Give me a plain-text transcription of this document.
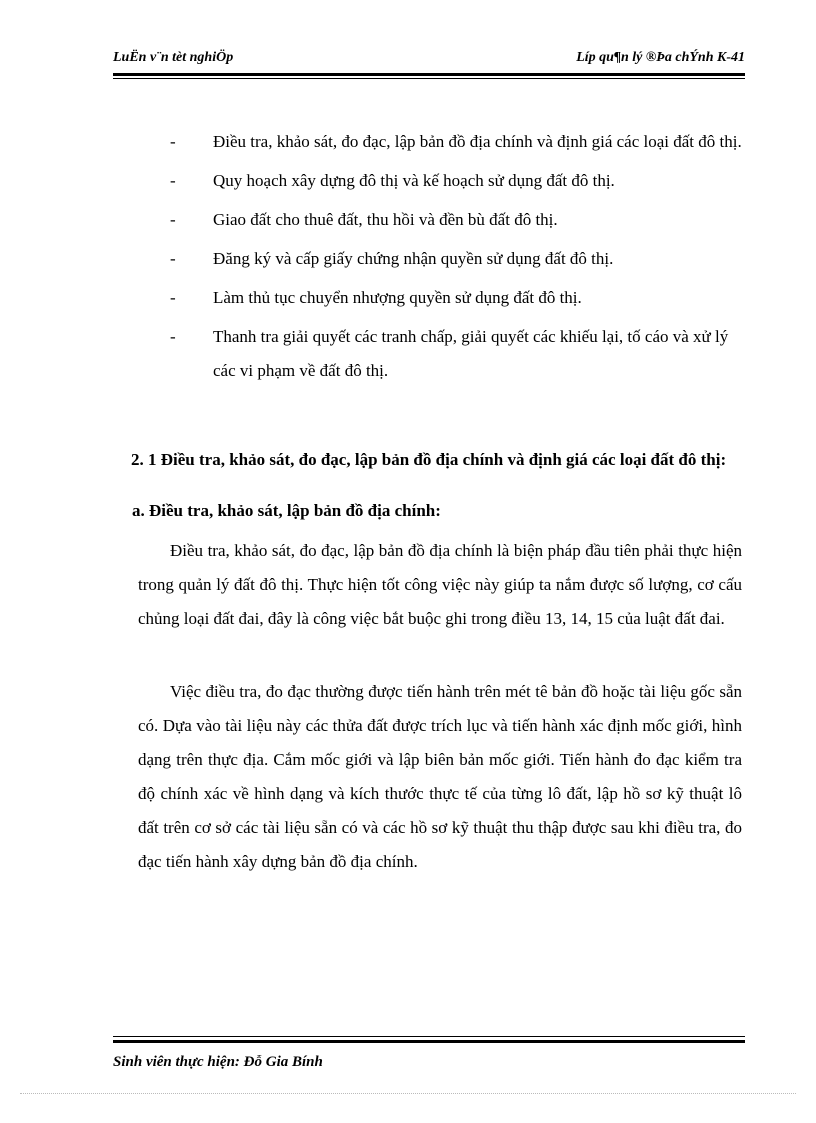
LuËn v¨n tèt nghiÖp	Líp qu¶n lý ®Þa chÝnh K-41
- Điều tra, khảo sát, đo đạc, lập bản đồ địa chính và định giá các loại đất đô thị.
- Quy hoạch xây dựng đô thị và kế hoạch sử dụng đất đô thị.
- Giao đất cho thuê đất, thu hồi và đền bù đất đô thị.
- Đăng ký và cấp giấy chứng nhận quyền sử dụng đất đô thị.
- Làm thủ tục chuyển nhượng quyền sử dụng đất đô thị.
- Thanh tra giải quyết các tranh chấp, giải quyết các khiếu lại, tố cáo và xử lý các vi phạm về đất đô thị.
2. 1 Điều tra, khảo sát, đo đạc, lập bản đồ địa chính và định giá các loại đất đô thị:
a. Điều tra, khảo sát, lập bản đồ địa chính:

Điều tra, khảo sát, đo đạc, lập bản đồ địa chính là biện pháp đầu tiên phải thực hiện trong quản lý đất đô thị. Thực hiện tốt công việc này giúp ta nắm được số lượng, cơ cấu chủng loại đất đai, đây là công việc bắt buộc ghi trong điều 13, 14, 15 của luật đất đai.

Việc điều tra, đo đạc thường được tiến hành trên mét tê bản đồ hoặc tài liệu gốc sẵn có. Dựa vào tài liệu này các thửa đất được trích lục và tiến hành xác định mốc giới, hình dạng trên thực địa. Cắm mốc giới và lập biên bản mốc giới. Tiến hành đo đạc kiểm tra độ chính xác về hình dạng và kích thước thực tế của từng lô đất, lập hồ sơ kỹ thuật lô đất trên cơ sở các tài liệu sẵn có và các hồ sơ kỹ thuật thu thập được sau khi điều tra, đo đạc tiến hành xây dựng bản đồ địa chính.

Sinh viên thực hiện: Đỗ Gia Bính
